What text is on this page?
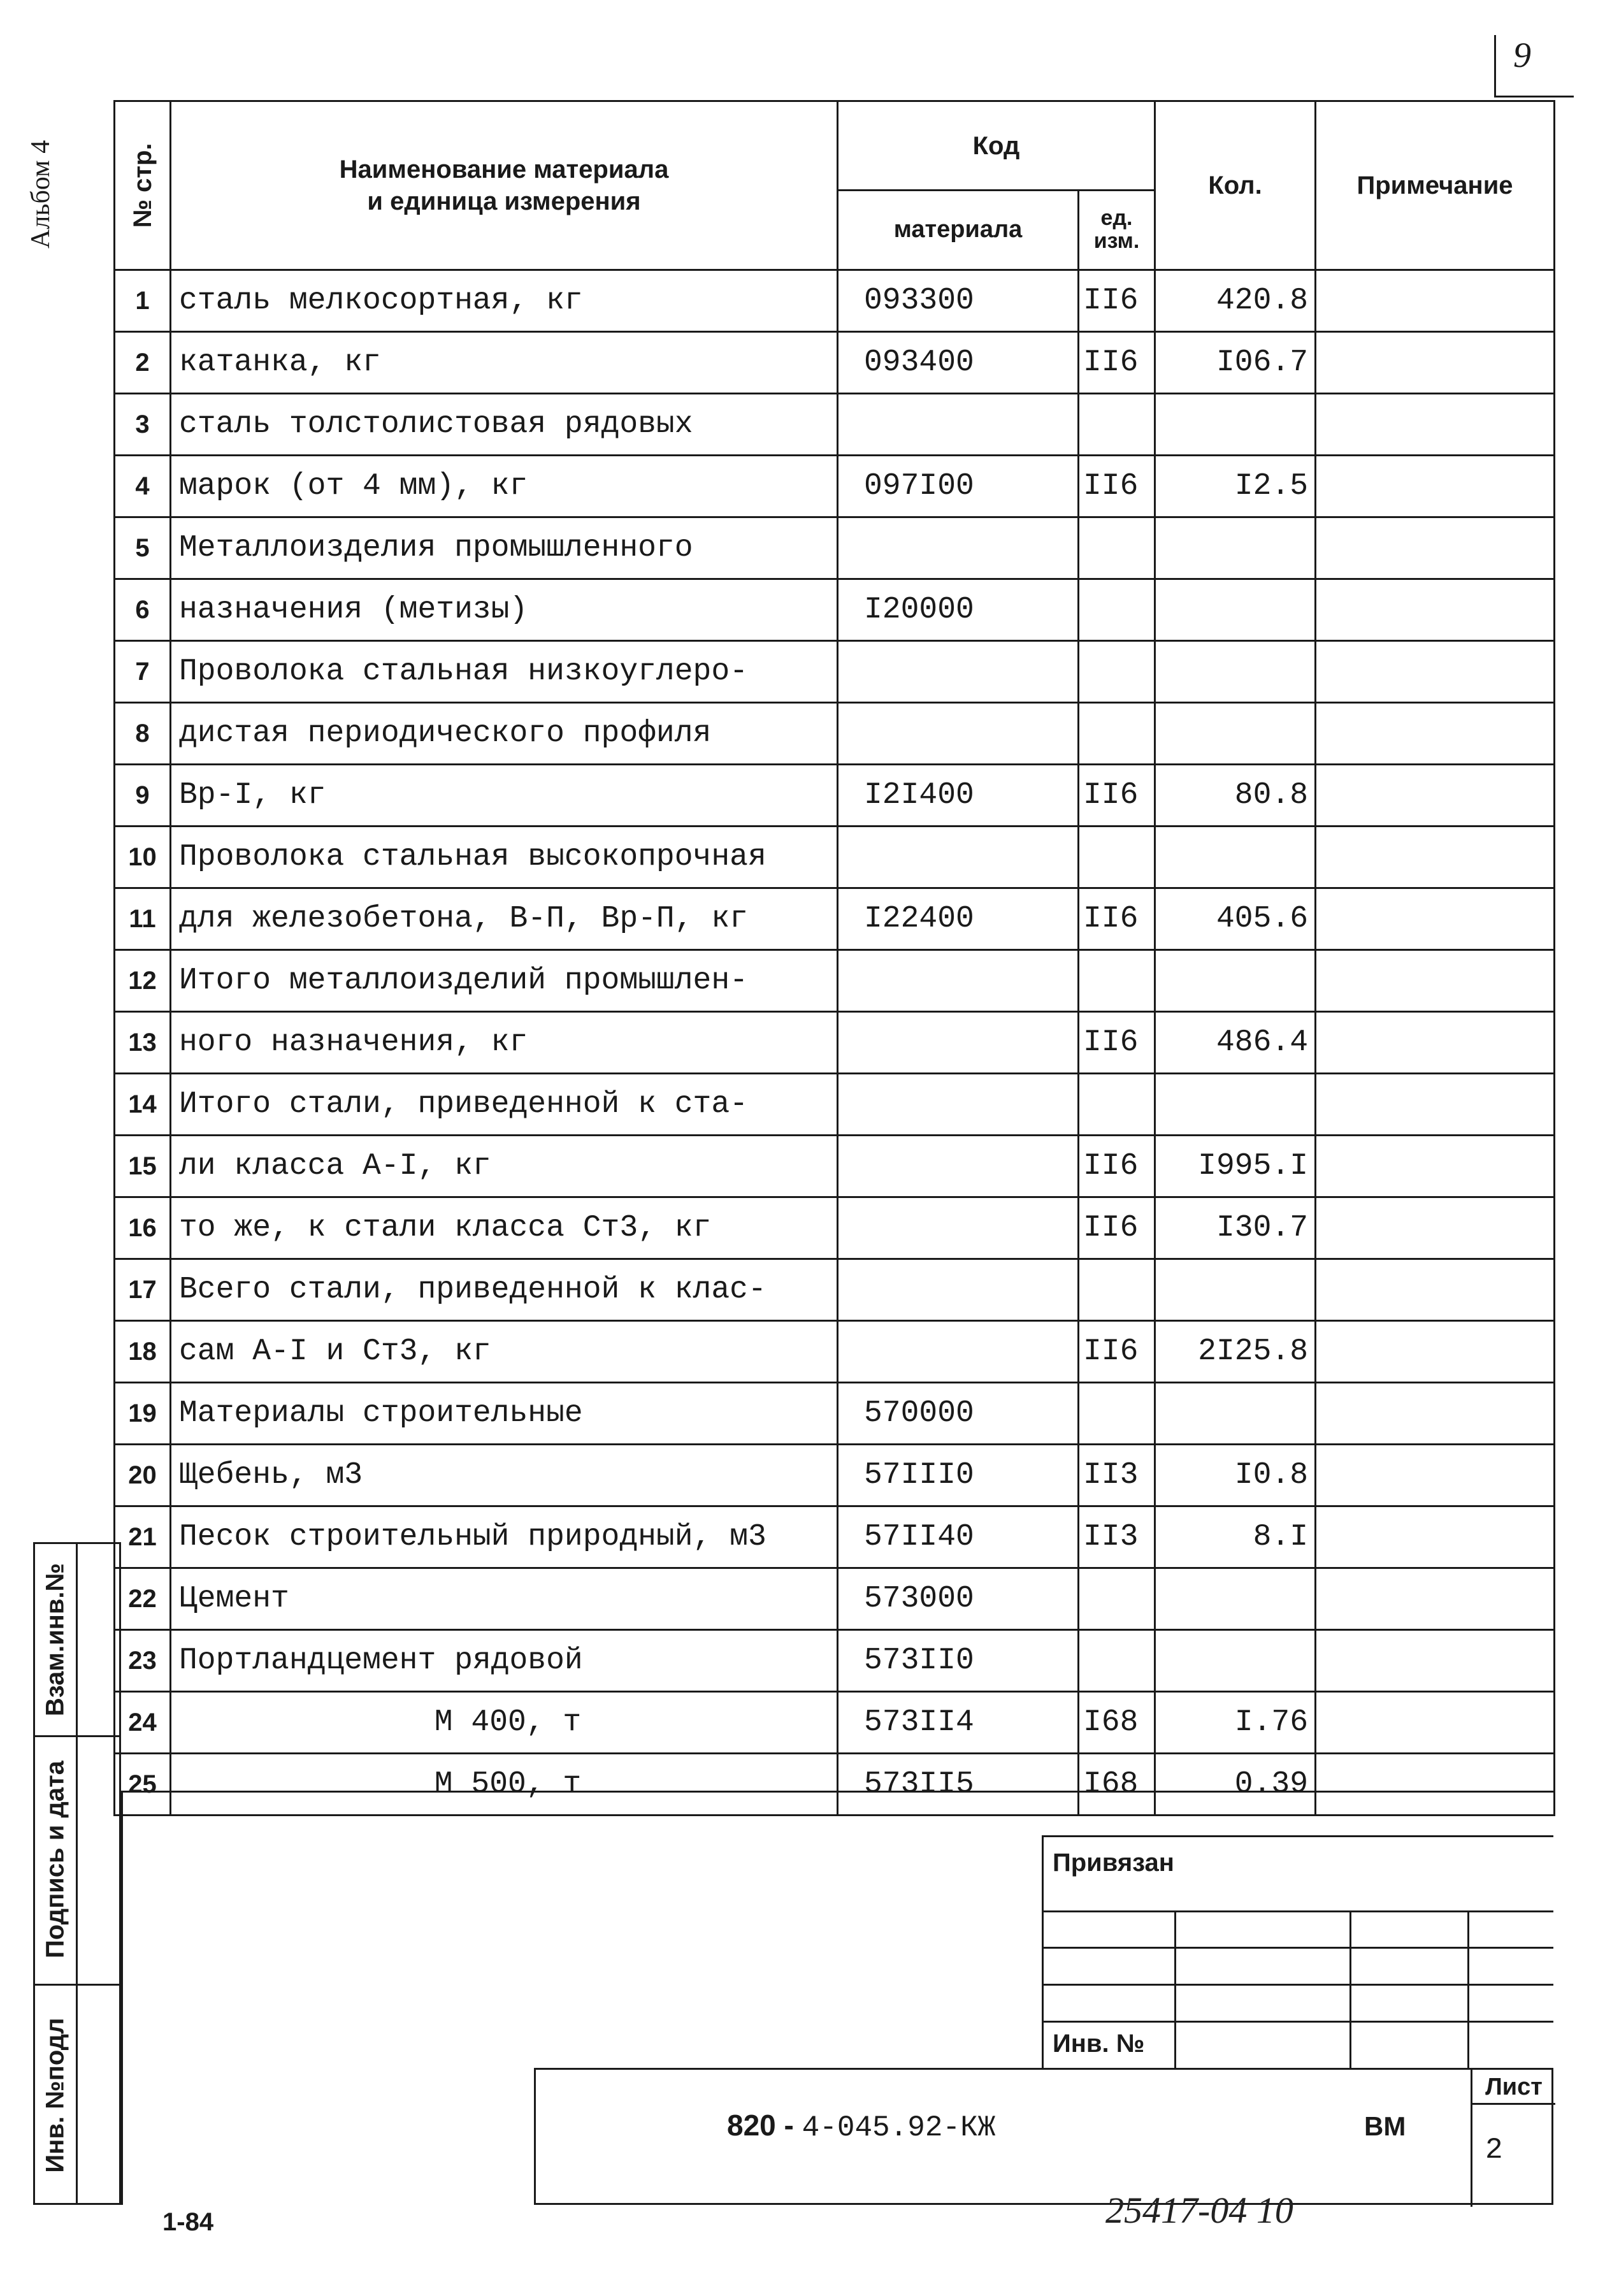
9
Альбом 4	№ стр.	Наименование материала
и единица измерения	Код		Кол.	Примечание
		материала	ед.
изм.		

1	сталь мелкосортная, кг	093300	II6	420.8	
2	катанка, кг	093400	II6	I06.7	
3	сталь толстолистовая рядовых				
4	марок (от 4 мм), кг	097I00	II6	I2.5	
5	Металлоизделия промышленного				
6	назначения (метизы)	I20000			
7	Проволока стальная низкоуглеро-				
8	дистая периодического профиля				
9	Вр-I, кг	I2I400	II6	80.8	
10	Проволока стальная высокопрочная				
11	для железобетона, В-П, Вр-П, кг	I22400	II6	405.6	
12	Итого металлоизделий промышлен-				
13	ного назначения, кг		II6	486.4	
14	Итого стали, приведенной к ста-				
15	ли класса А-I, кг		II6	I995.I	
16	то же, к стали класса Ст3, кг		II6	I30.7	
17	Всего стали, приведенной к клас-				
18	сам А-I и Ст3, кг		II6	2I25.8	
19	Материалы строительные	570000			
20	Щебень, м3	57III0	II3	I0.8	
21	Песок строительный природный, м3	57II40	II3	8.I	
22	Цемент	573000			
23	Портландцемент рядовой	573II0			
24	М 400, т	573II4	I68	I.76	
25	М 500, т	573II5	I68	0.39	
Взам.инв.№
Подпись и дата
Инв. №подл
Привязан
Инв. №
820 - 4-045.92-КЖ	ВМ
Лист
2
1-84	25417-04 10
